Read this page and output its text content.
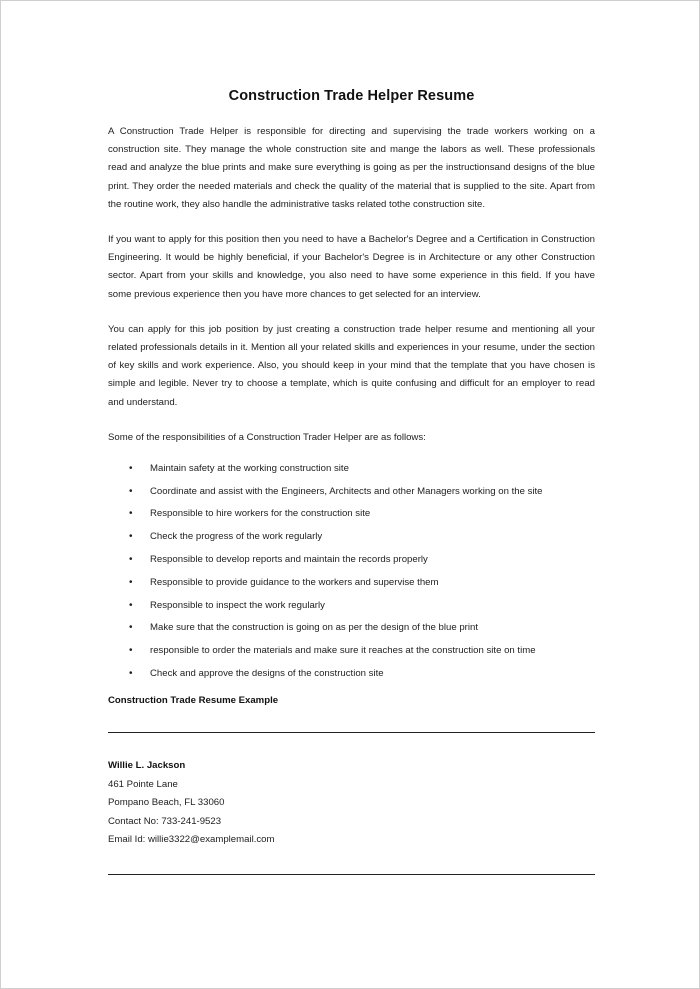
Construction Trade Helper Resume

A Construction Trade Helper is responsible for directing and supervising the trade workers working on a construction site. They manage the whole construction site and mange the labors as well. These professionals read and analyze the blue prints and make sure everything is going as per the instructionsand designs of the blue print. They order the needed materials and check the quality of the material that is supplied to the site. Apart from the routine work, they also handle the administrative tasks related tothe construction site.

If you want to apply for this position then you need to have a Bachelor's Degree and a Certification in Construction Engineering. It would be highly beneficial, if your Bachelor's Degree is in Architecture or any other Construction sector. Apart from your skills and knowledge, you also need to have some experience in this field. If you have some previous experience then you have more chances to get selected for an interview.

You can apply for this job position by just creating a construction trade helper resume and mentioning all your related professionals details in it. Mention all your related skills and experiences in your resume, under the section of key skills and work experience. Also, you should keep in your mind that the template that you have chosen is simple and legible. Never try to choose a template, which is quite confusing and difficult for an employer to read and understand.

Some of the responsibilities of a Construction Trader Helper are as follows:

• Maintain safety at the working construction site
• Coordinate and assist with the Engineers, Architects and other Managers working on the site
• Responsible to hire workers for the construction site
• Check the progress of the work regularly
• Responsible to develop reports and maintain the records properly
• Responsible to provide guidance to the workers and supervise them
• Responsible to inspect the work regularly
• Make sure that the construction is going on as per the design of the blue print
• responsible to order the materials and make sure it reaches at the construction site on time
• Check and approve the designs of the construction site
Construction Trade Resume Example
Willie L. Jackson
461 Pointe Lane
Pompano Beach, FL 33060
Contact No: 733-241-9523
Email Id: willie3322@examplemail.com
